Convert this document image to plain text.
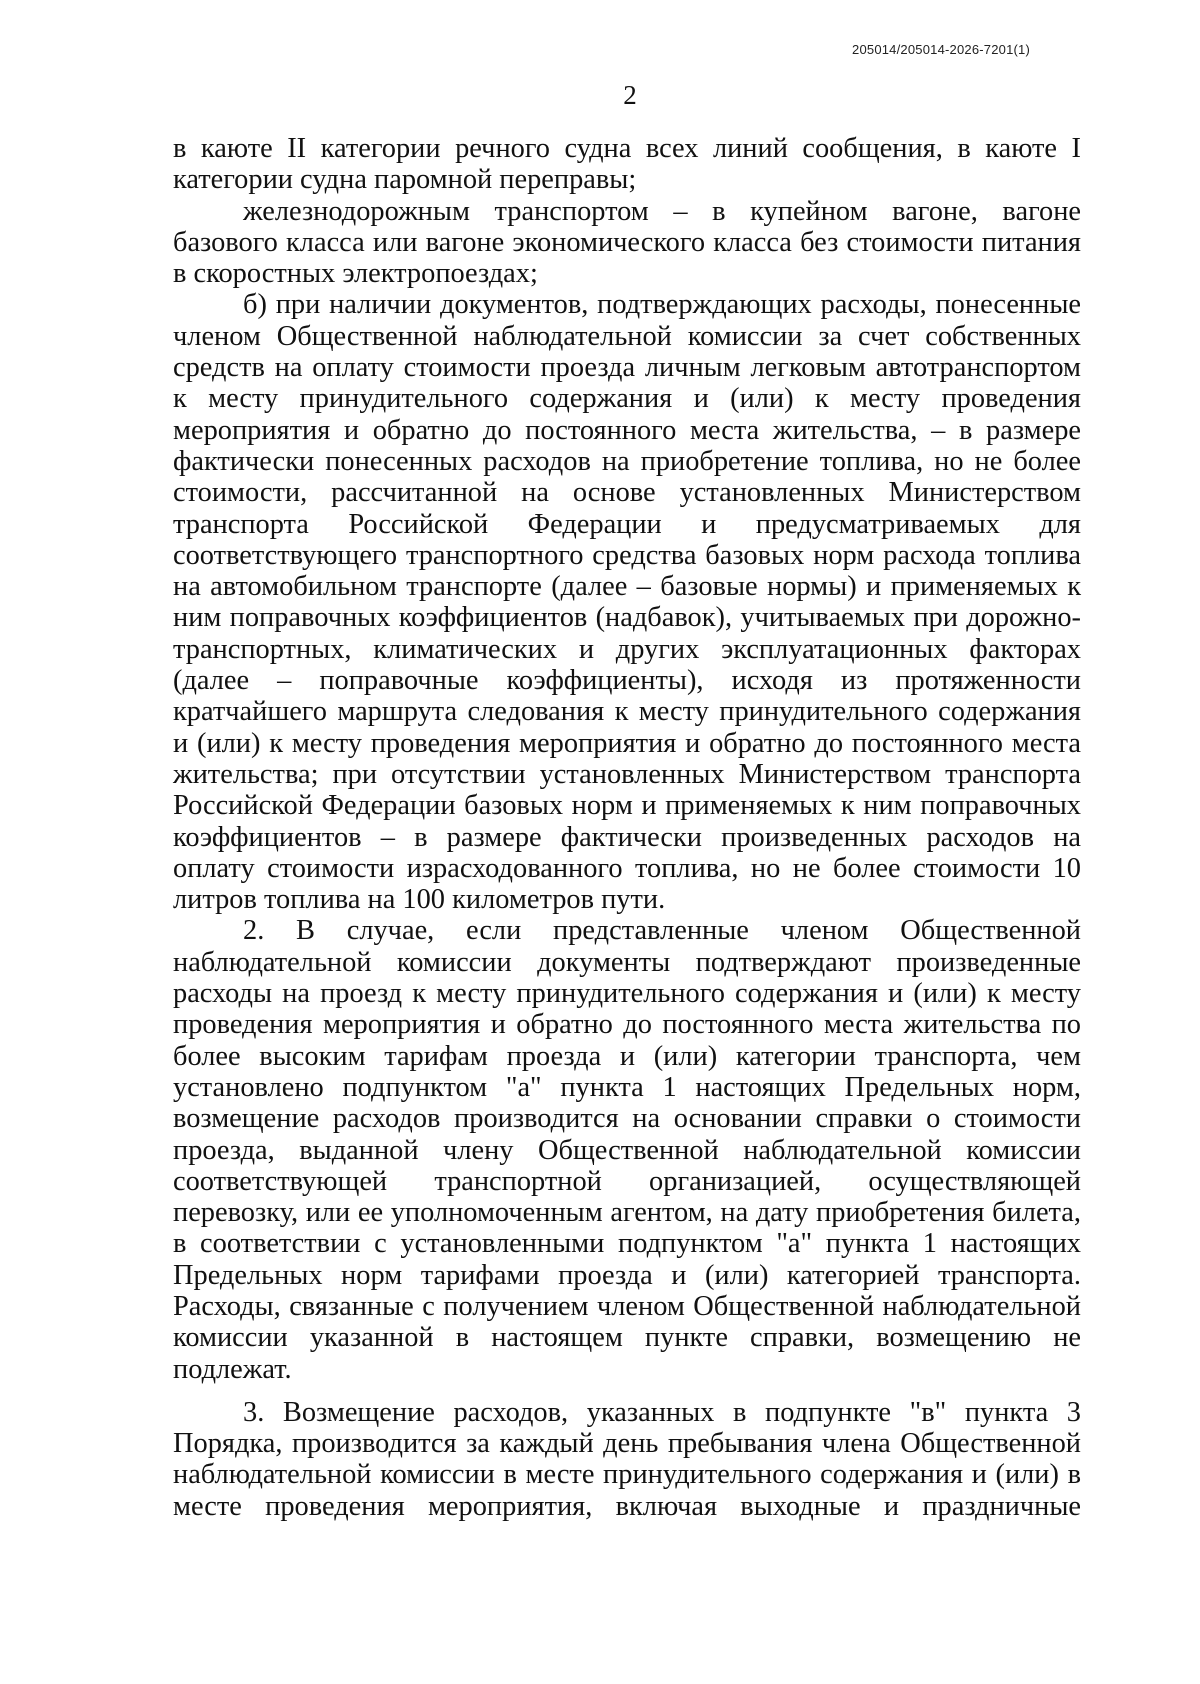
205014/205014-2026-7201(1)
2

в каюте II категории речного судна всех линий сообщения, в каюте I категории судна паромной переправы;

железнодорожным транспортом – в купейном вагоне, вагоне базового класса или вагоне экономического класса без стоимости питания в скоростных электропоездах;

б) при наличии документов, подтверждающих расходы, понесенные членом Общественной наблюдательной комиссии за счет собственных средств на оплату стоимости проезда личным легковым автотранспортом к месту принудительного содержания и (или) к месту проведения мероприятия и обратно до постоянного места жительства, – в размере фактически понесенных расходов на приобретение топлива, но не более стоимости, рассчитанной на основе установленных Министерством транспорта Российской Федерации и предусматриваемых для соответствующего транспортного средства базовых норм расхода топлива на автомобильном транспорте (далее – базовые нормы) и применяемых к ним поправочных коэффициентов (надбавок), учитываемых при дорожно-транспортных, климатических и других эксплуатационных факторах (далее – поправочные коэффициенты), исходя из протяженности кратчайшего маршрута следования к месту принудительного содержания и (или) к месту проведения мероприятия и обратно до постоянного места жительства; при отсутствии установленных Министерством транспорта Российской Федерации базовых норм и применяемых к ним поправочных коэффициентов – в размере фактически произведенных расходов на оплату стоимости израсходованного топлива, но не более стоимости 10 литров топлива на 100 километров пути.

2. В случае, если представленные членом Общественной наблюдательной комиссии документы подтверждают произведенные расходы на проезд к месту принудительного содержания и (или) к месту проведения мероприятия и обратно до постоянного места жительства по более высоким тарифам проезда и (или) категории транспорта, чем установлено подпунктом "а" пункта 1 настоящих Предельных норм, возмещение расходов производится на основании справки о стоимости проезда, выданной члену Общественной наблюдательной комиссии соответствующей транспортной организацией, осуществляющей перевозку, или ее уполномоченным агентом, на дату приобретения билета, в соответствии с установленными подпунктом "а" пункта 1 настоящих Предельных норм тарифами проезда и (или) категорией транспорта. Расходы, связанные с получением членом Общественной наблюдательной комиссии указанной в настоящем пункте справки, возмещению не подлежат.

3. Возмещение расходов, указанных в подпункте "в" пункта 3 Порядка, производится за каждый день пребывания члена Общественной наблюдательной комиссии в месте принудительного содержания и (или) в месте проведения мероприятия, включая выходные и праздничные
